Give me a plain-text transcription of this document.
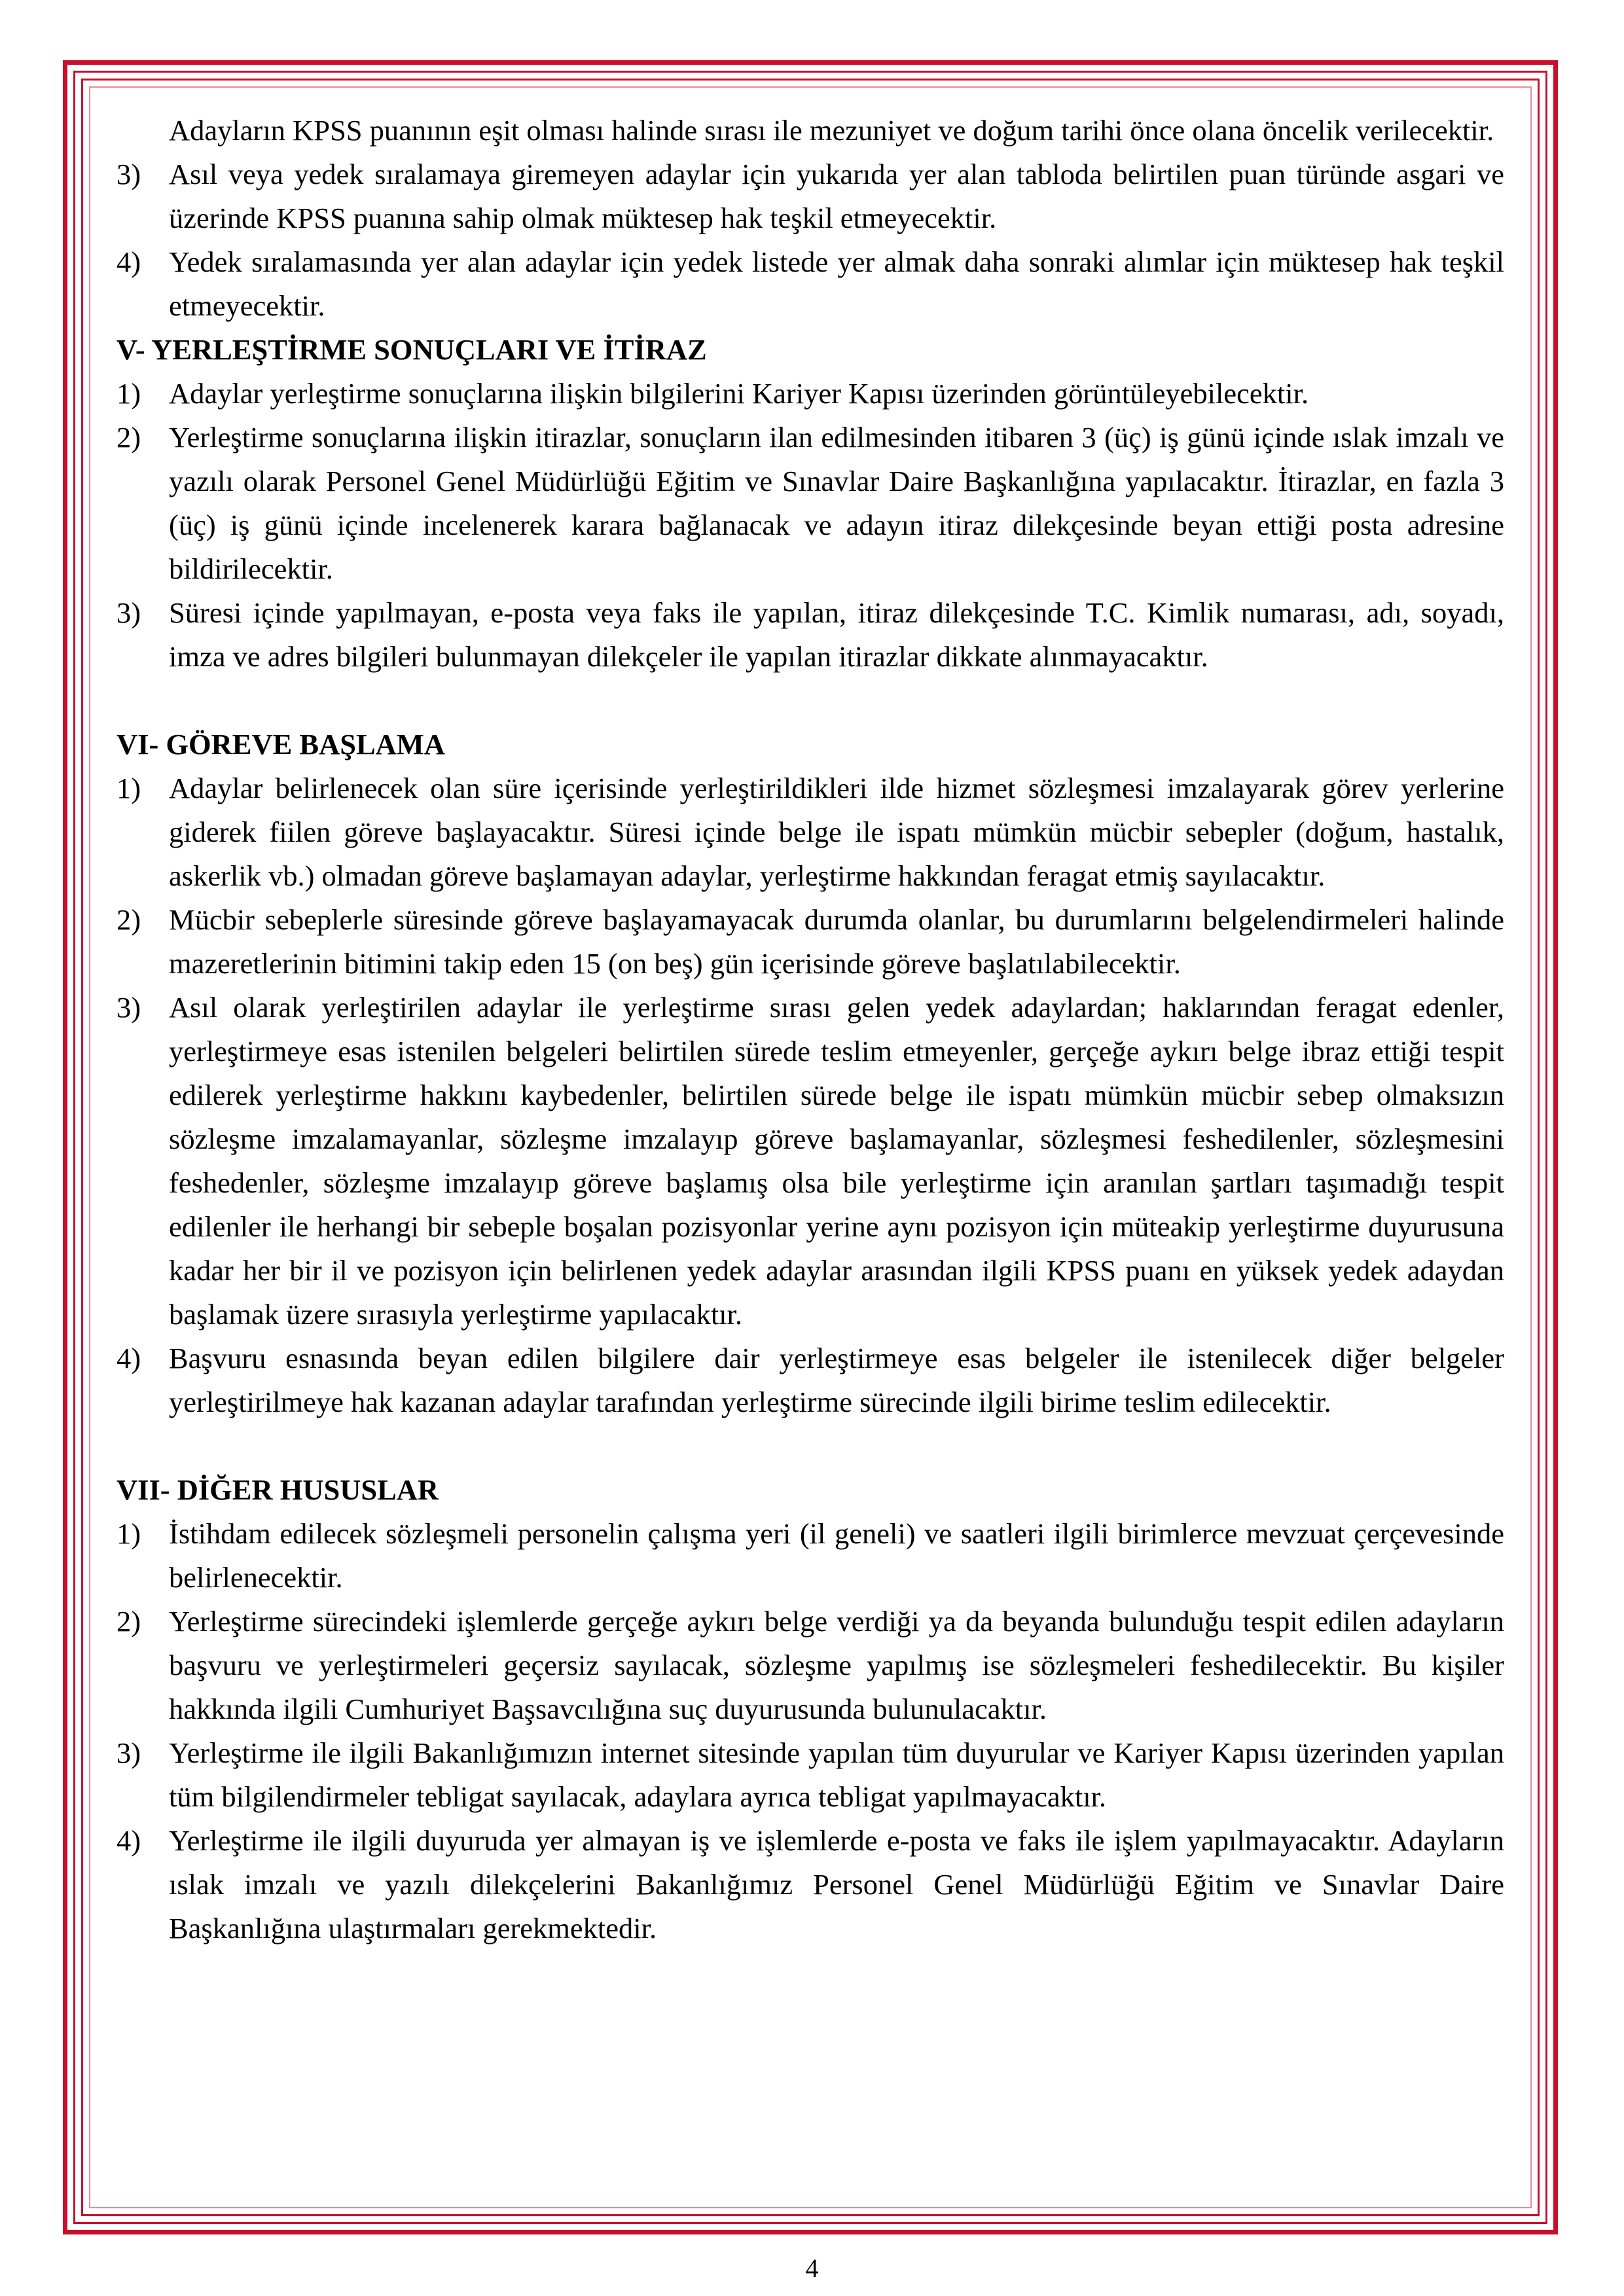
Adayların KPSS puanının eşit olması halinde sırası ile mezuniyet ve doğum tarihi önce olana öncelik verilecektir.

3) Asıl veya yedek sıralamaya giremeyen adaylar için yukarıda yer alan tabloda belirtilen puan türünde asgari ve üzerinde KPSS puanına sahip olmak müktesep hak teşkil etmeyecektir.
4) Yedek sıralamasında yer alan adaylar için yedek listede yer almak daha sonraki alımlar için müktesep hak teşkil etmeyecektir.

V- YERLEŞTİRME SONUÇLARI VE İTİRAZ

1) Adaylar yerleştirme sonuçlarına ilişkin bilgilerini Kariyer Kapısı üzerinden görüntüleyebilecektir.
2) Yerleştirme sonuçlarına ilişkin itirazlar, sonuçların ilan edilmesinden itibaren 3 (üç) iş günü içinde ıslak imzalı ve yazılı olarak Personel Genel Müdürlüğü Eğitim ve Sınavlar Daire Başkanlığına yapılacaktır. İtirazlar, en fazla 3 (üç) iş günü içinde incelenerek karara bağlanacak ve adayın itiraz dilekçesinde beyan ettiği posta adresine bildirilecektir.
3) Süresi içinde yapılmayan, e-posta veya faks ile yapılan, itiraz dilekçesinde T.C. Kimlik numarası, adı, soyadı, imza ve adres bilgileri bulunmayan dilekçeler ile yapılan itirazlar dikkate alınmayacaktır.

VI- GÖREVE BAŞLAMA

1) Adaylar belirlenecek olan süre içerisinde yerleştirildikleri ilde hizmet sözleşmesi imzalayarak görev yerlerine giderek fiilen göreve başlayacaktır. Süresi içinde belge ile ispatı mümkün mücbir sebepler (doğum, hastalık, askerlik vb.) olmadan göreve başlamayan adaylar, yerleştirme hakkından feragat etmiş sayılacaktır.
2) Mücbir sebeplerle süresinde göreve başlayamayacak durumda olanlar, bu durumlarını belgelendirmeleri halinde mazeretlerinin bitimini takip eden 15 (on beş) gün içerisinde göreve başlatılabilecektir.
3) Asıl olarak yerleştirilen adaylar ile yerleştirme sırası gelen yedek adaylardan; haklarından feragat edenler, yerleştirmeye esas istenilen belgeleri belirtilen sürede teslim etmeyenler, gerçeğe aykırı belge ibraz ettiği tespit edilerek yerleştirme hakkını kaybedenler, belirtilen sürede belge ile ispatı mümkün mücbir sebep olmaksızın sözleşme imzalamayanlar, sözleşme imzalayıp göreve başlamayanlar, sözleşmesi feshedilenler, sözleşmesini feshedenler, sözleşme imzalayıp göreve başlamış olsa bile yerleştirme için aranılan şartları taşımadığı tespit edilenler ile herhangi bir sebeple boşalan pozisyonlar yerine aynı pozisyon için müteakip yerleştirme duyurusuna kadar her bir il ve pozisyon için belirlenen yedek adaylar arasından ilgili KPSS puanı en yüksek yedek adaydan başlamak üzere sırasıyla yerleştirme yapılacaktır.
4) Başvuru esnasında beyan edilen bilgilere dair yerleştirmeye esas belgeler ile istenilecek diğer belgeler yerleştirilmeye hak kazanan adaylar tarafından yerleştirme sürecinde ilgili birime teslim edilecektir.

VII- DİĞER HUSUSLAR

1) İstihdam edilecek sözleşmeli personelin çalışma yeri (il geneli) ve saatleri ilgili birimlerce mevzuat çerçevesinde belirlenecektir.
2) Yerleştirme sürecindeki işlemlerde gerçeğe aykırı belge verdiği ya da beyanda bulunduğu tespit edilen adayların başvuru ve yerleştirmeleri geçersiz sayılacak, sözleşme yapılmış ise sözleşmeleri feshedilecektir. Bu kişiler hakkında ilgili Cumhuriyet Başsavcılığına suç duyurusunda bulunulacaktır.
3) Yerleştirme ile ilgili Bakanlığımızın internet sitesinde yapılan tüm duyurular ve Kariyer Kapısı üzerinden yapılan tüm bilgilendirmeler tebligat sayılacak, adaylara ayrıca tebligat yapılmayacaktır.
4) Yerleştirme ile ilgili duyuruda yer almayan iş ve işlemlerde e-posta ve faks ile işlem yapılmayacaktır. Adayların ıslak imzalı ve yazılı dilekçelerini Bakanlığımız Personel Genel Müdürlüğü Eğitim ve Sınavlar Daire Başkanlığına ulaştırmaları gerekmektedir.
4
